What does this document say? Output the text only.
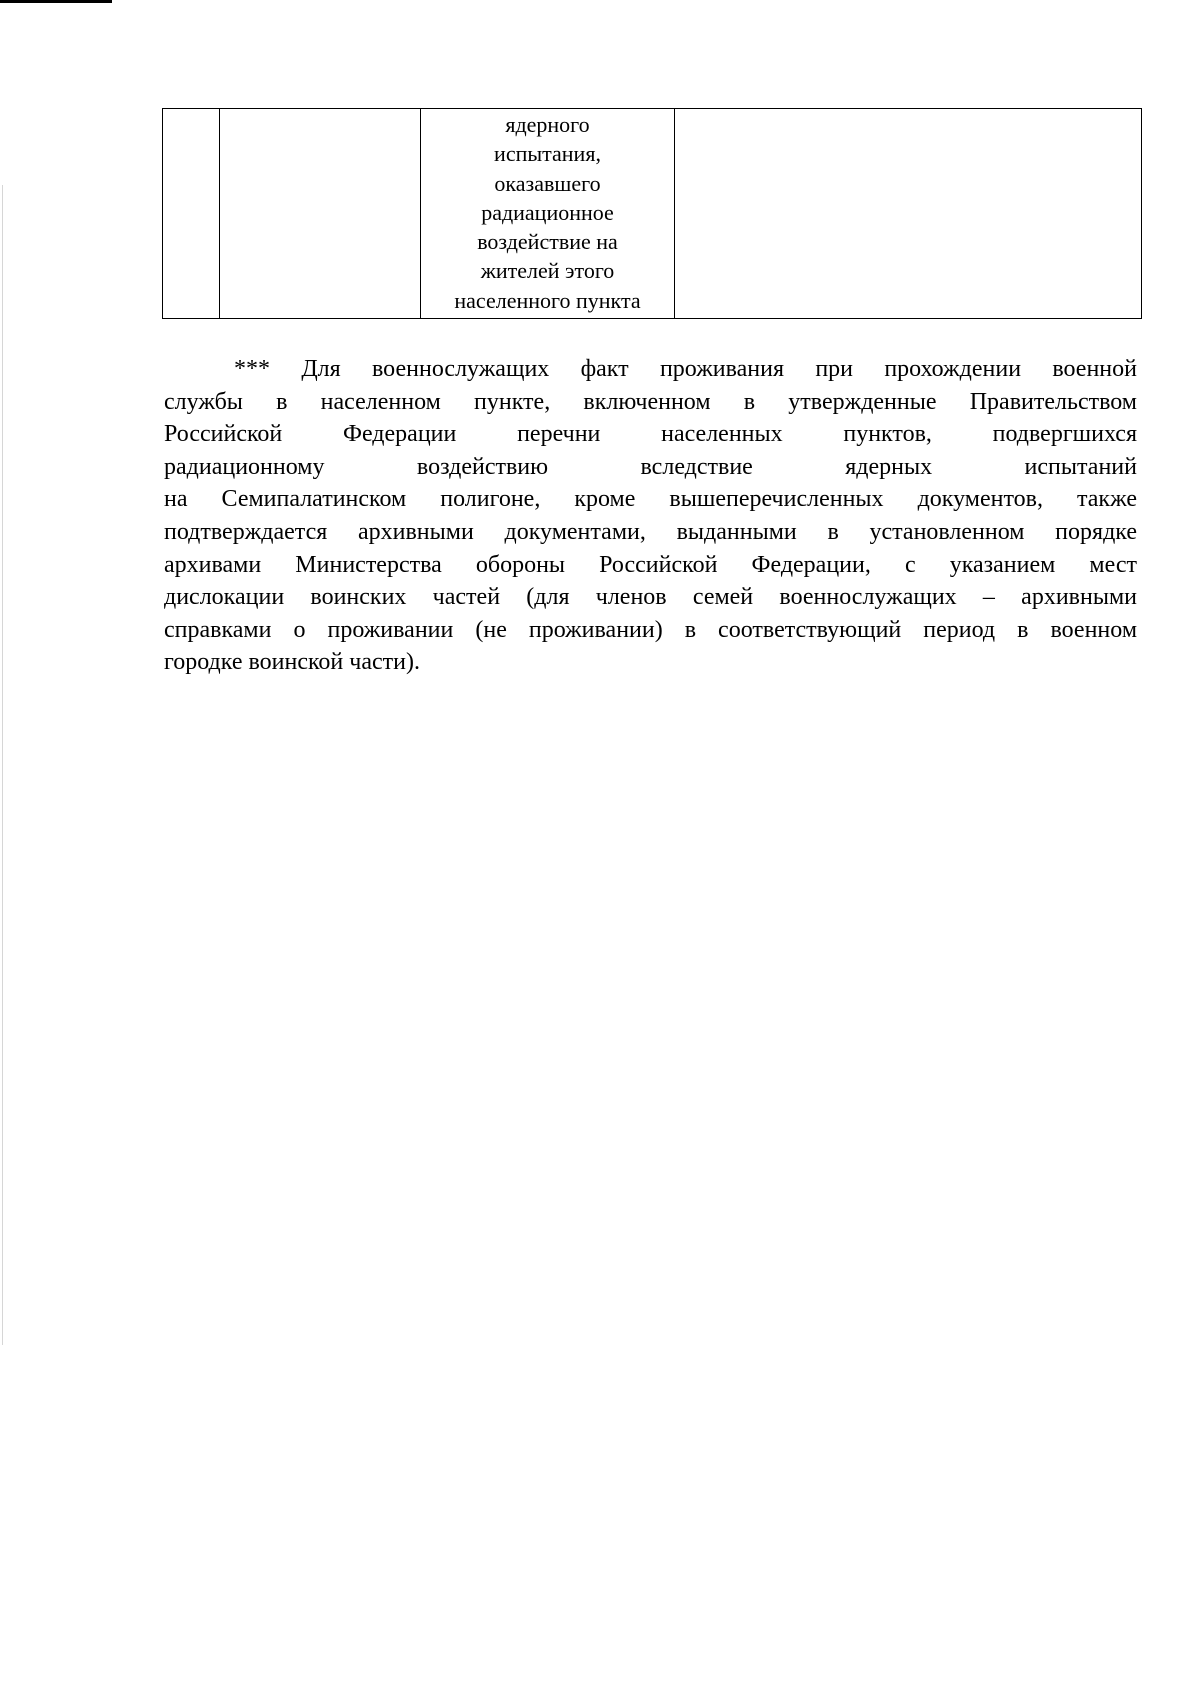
ядерного
испытания,
оказавшего
радиационное
воздействие на
жителей этого
населенного пункта

*** Для военнослужащих факт проживания при прохождении военной
службы в населенном пункте, включенном в утвержденные Правительством
Российской Федерации перечни населенных пунктов, подвергшихся
радиационному воздействию вследствие ядерных испытаний
на Семипалатинском полигоне, кроме вышеперечисленных документов, также
подтверждается архивными документами, выданными в установленном порядке
архивами Министерства обороны Российской Федерации, с указанием мест
дислокации воинских частей (для членов семей военнослужащих – архивными
справками о проживании (не проживании) в соответствующий период в военном
городке воинской части).
